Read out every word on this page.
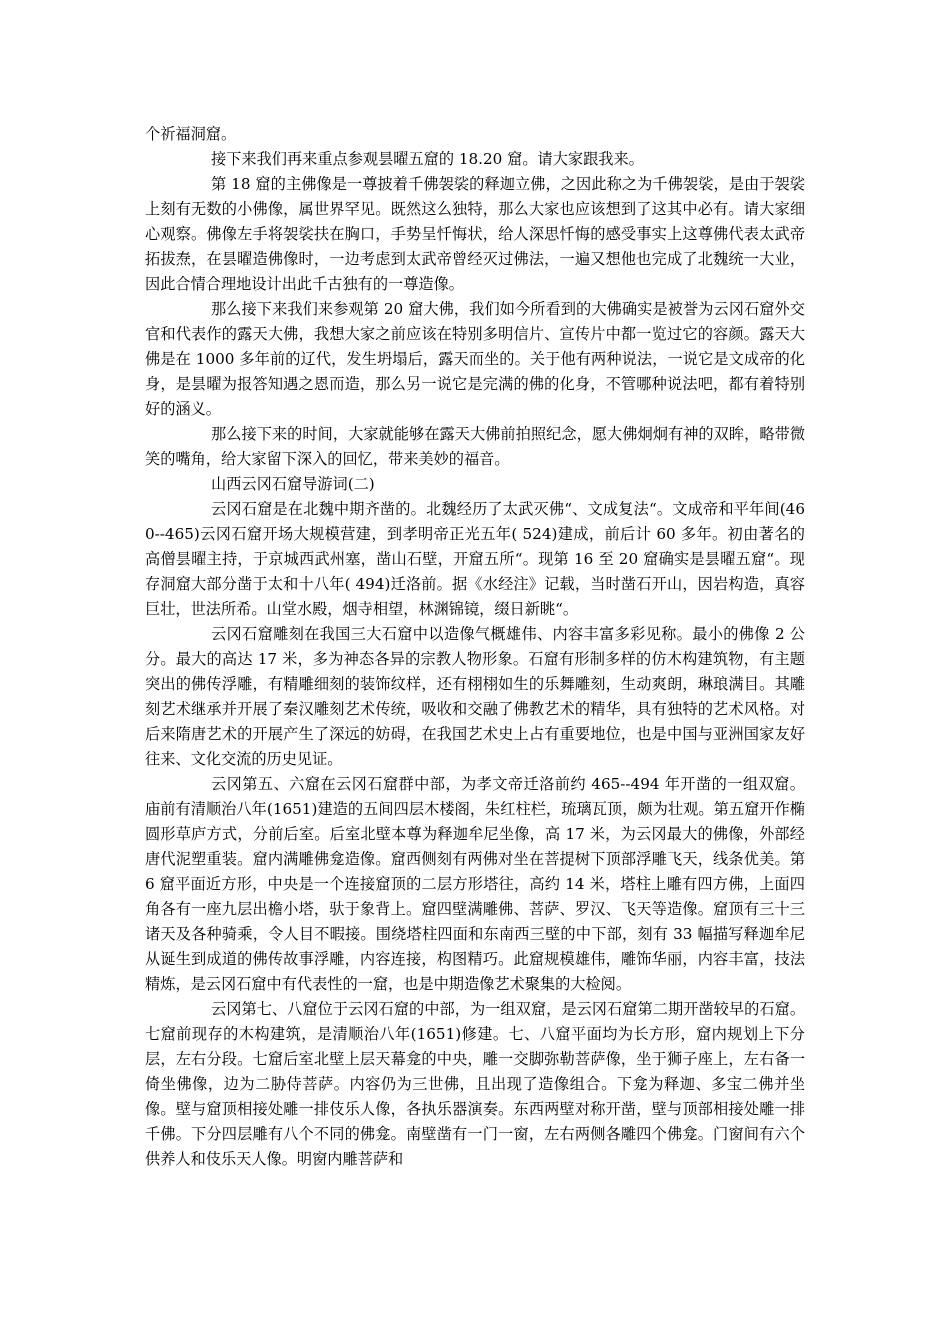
个祈福洞窟。

接下来我们再来重点参观昙曜五窟的 18.20 窟。请大家跟我来。

第 18 窟的主佛像是一尊披着千佛袈裟的释迦立佛，之因此称之为千佛袈裟，是由于袈裟上刻有无数的小佛像，属世界罕见。既然这么独特，那么大家也应该想到了这其中必有。请大家细心观察。佛像左手将袈裟扶在胸口，手势呈忏悔状，给人深思忏悔的感受事实上这尊佛代表太武帝拓拔焘，在昙曜造佛像时，一边考虑到太武帝曾经灭过佛法，一遍又想他也完成了北魏统一大业，因此合情合理地设计出此千古独有的一尊造像。

那么接下来我们来参观第 20 窟大佛，我们如今所看到的大佛确实是被誉为云冈石窟外交官和代表作的露天大佛，我想大家之前应该在特别多明信片、宣传片中都一览过它的容颜。露天大佛是在 1000 多年前的辽代，发生坍塌后，露天而坐的。关于他有两种说法，一说它是文成帝的化身，是昙曜为报答知遇之恩而造，那么另一说它是完满的佛的化身，不管哪种说法吧，都有着特别好的涵义。

那么接下来的时间，大家就能够在露天大佛前拍照纪念，愿大佛炯炯有神的双眸，略带微笑的嘴角，给大家留下深入的回忆，带来美妙的福音。

山西云冈石窟导游词(二)

云冈石窟是在北魏中期齐凿的。北魏经历了太武灭佛“、文成复法“。文成帝和平年间(460--465)云冈石窟开场大规模营建，到孝明帝正光五年( 524)建成，前后计 60 多年。初由著名的高僧昙曜主持，于京城西武州塞，凿山石壁，开窟五所“。现第 16 至 20 窟确实是昙曜五窟“。现存洞窟大部分凿于太和十八年( 494)迁洛前。据《水经注》记载，当时凿石开山，因岩构造，真容巨壮，世法所希。山堂水殿，烟寺相望，林渊锦镜，缀日新眺“。

云冈石窟雕刻在我国三大石窟中以造像气概雄伟、内容丰富多彩见称。最小的佛像 2 公分。最大的高达 17 米，多为神态各异的宗教人物形象。石窟有形制多样的仿木构建筑物，有主题突出的佛传浮雕，有精雕细刻的装饰纹样，还有栩栩如生的乐舞雕刻，生动爽朗，琳琅满目。其雕刻艺术继承并开展了秦汉雕刻艺术传统，吸收和交融了佛教艺术的精华，具有独特的艺术风格。对后来隋唐艺术的开展产生了深远的妨碍，在我国艺术史上占有重要地位，也是中国与亚洲国家友好往来、文化交流的历史见证。

云冈第五、六窟在云冈石窟群中部，为孝文帝迁洛前约 465--494 年开凿的一组双窟。庙前有清顺治八年(1651)建造的五间四层木楼阁，朱红柱栏，琉璃瓦顶，颇为壮观。第五窟开作椭圆形草庐方式，分前后室。后室北壁本尊为释迦牟尼坐像，高 17 米，为云冈最大的佛像，外部经唐代泥塑重装。窟内满雕佛龛造像。窟西侧刻有两佛对坐在菩提树下顶部浮雕飞天，线条优美。第 6 窟平面近方形，中央是一个连接窟顶的二层方形塔往，高约 14 米，塔柱上雕有四方佛，上面四角各有一座九层出檐小塔，驮于象背上。窟四壁满雕佛、菩萨、罗汉、飞天等造像。窟顶有三十三诸天及各种骑乘，令人目不暇接。围绕塔柱四面和东南西三壁的中下部，刻有 33 幅描写释迦牟尼从诞生到成道的佛传故事浮雕，内容连接，构图精巧。此窟规模雄伟，雕饰华丽，内容丰富，技法精炼，是云冈石窟中有代表性的一窟，也是中期造像艺术聚集的大检阅。

云冈第七、八窟位于云冈石窟的中部，为一组双窟，是云冈石窟第二期开凿较早的石窟。七窟前现存的木构建筑，是清顺治八年(1651)修建。七、八窟平面均为长方形，窟内规划上下分层，左右分段。七窟后室北壁上层天幕龛的中央，雕一交脚弥勒菩萨像，坐于狮子座上，左右备一倚坐佛像，边为二胁侍菩萨。内容仍为三世佛，且出现了造像组合。下龛为释迦、多宝二佛并坐像。壁与窟顶相接处雕一排伎乐人像，各执乐器演奏。东西两壁对称开凿，壁与顶部相接处雕一排千佛。下分四层雕有八个不同的佛龛。南壁凿有一门一窗，左右两侧各雕四个佛龛。门窗间有六个供养人和伎乐天人像。明窗内雕菩萨和
